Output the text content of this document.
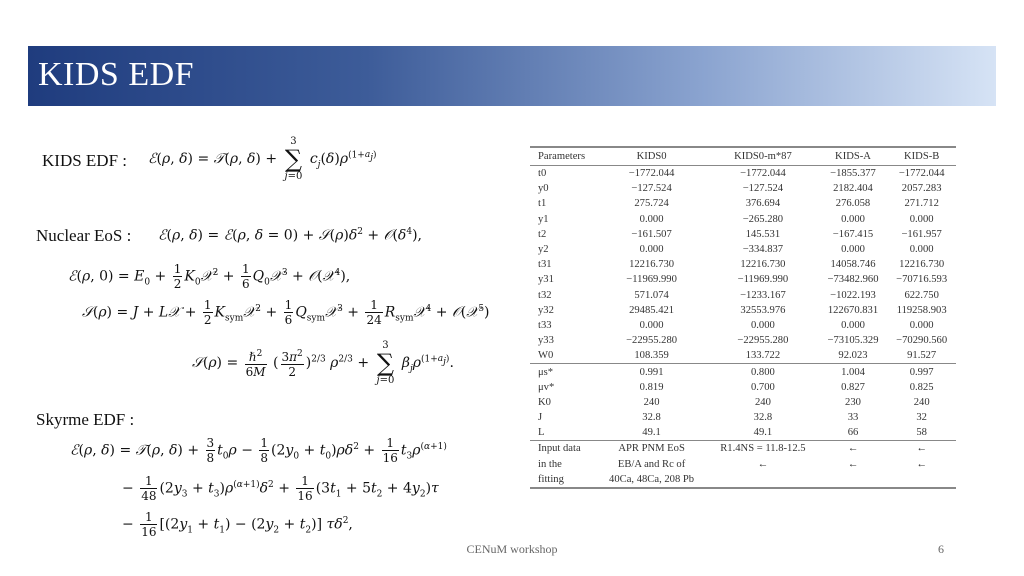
KIDS EDF
KIDS EDF : ℰ(ρ, δ) = 𝒯(ρ, δ) +
3
∑
j=0
$c_j(\delta)\rho^{(1+a_j)}$
Nuclear EoS : ℰ(ρ, δ) = ℰ(ρ, $\delta = 0) + 𝒮(\rho)\delta^2$ + $𝒪(\delta^4)$,
ℰ(ρ, $0) = E_0 + \frac{1}{2}$ $K_0𝒳^2 + \frac{1}{6}$ $Q_0𝒳^3$ + 𝒪(𝒳$^4$),
𝒮(ρ) = J + L𝒳 + $\frac{1}{2}$ $K_{sym}𝒳^2 + \frac{1}{6}$ $Q_{sym}𝒳^3 + \frac{1}{24}$ $R_{sym}𝒳^4$ + 𝒪(𝒳$^5$)
𝒮(ρ) = $\frac{\hbar^2}{6M}$ ( $\frac{3\pi^2}{2} )^{2/3}$ $\rho^{2/3}$ +
3
∑
j=0
$\beta_j\rho^{(1+a_j)}$.
Skyrme EDF :
ℰ(ρ, δ) = 𝒯(ρ, $\delta) + \frac{3}{8} t_0\rho - \frac{1}{8} (2y_0 + t_0)\rho\delta^2 + \frac{1}{16} t_3\rho^{(\alpha+1)}$
− $\frac{1}{48} (2y_3 + t_3)\rho^{(\alpha+1)}\delta^2 + \frac{1}{16} (3t_1 + 5t_2 + 4y_2)\tau$
− $\frac{1}{16} [(2y_1 + t_1) - (2y_2 + t_2)]$ $\tau\delta^2$,
Parameters	KIDS0	KIDS0-m*87	KIDS-A	KIDS-B
t0	−1772.044	−1772.044	−1855.377	−1772.044
y0	−127.524	−127.524	2182.404	2057.283
t1	275.724	376.694	276.058	271.712
y1	0.000	−265.280	0.000	0.000
t2	−161.507	145.531	−167.415	−161.957
y2	0.000	−334.837	0.000	0.000
t31	12216.730	12216.730	14058.746	12216.730
y31	−11969.990	−11969.990	−73482.960	−70716.593
t32	571.074	−1233.167	−1022.193	622.750
y32	29485.421	32553.976	122670.831	119258.903
t33	0.000	0.000	0.000	0.000
y33	−22955.280	−22955.280	−73105.329	−70290.560
W0	108.359	133.722	92.023	91.527
μs*	0.991	0.800	1.004	0.997
μv*	0.819	0.700	0.827	0.825
K0	240	240	230	240
J	32.8	32.8	33	32
L	49.1	49.1	66	58
Input data	APR PNM EoS	R1.4NS = 11.8-12.5	←	←
in the	EB/A and Rc of	←	←	←
fitting	40Ca, 48Ca, 208 Pb			
CENuM workshop	6
